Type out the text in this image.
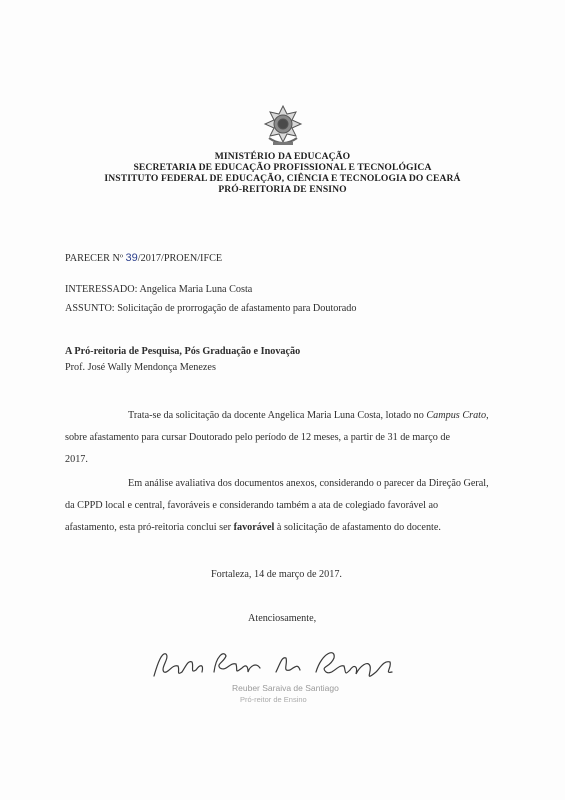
MINISTÉRIO DA EDUCAÇÃO
SECRETARIA DE EDUCAÇÃO PROFISSIONAL E TECNOLÓGICA
INSTITUTO FEDERAL DE EDUCAÇÃO, CIÊNCIA E TECNOLOGIA DO CEARÁ
PRÓ-REITORIA DE ENSINO
PARECER Nº 39/2017/PROEN/IFCE
INTERESSADO: Angelica Maria Luna Costa
ASSUNTO: Solicitação de prorrogação de afastamento para Doutorado
A Pró-reitoria de Pesquisa, Pós Graduação e Inovação
Prof. José Wally Mendonça Menezes
Trata-se da solicitação da docente Angelica Maria Luna Costa, lotado no Campus Crato,
sobre afastamento para cursar Doutorado pelo período de 12 meses, a partir de 31 de março de
2017.
Em análise avaliativa dos documentos anexos, considerando o parecer da Direção Geral,
da CPPD local e central, favoráveis e considerando também a ata de colegiado favorável ao
afastamento, esta pró-reitoria conclui ser favorável à solicitação de afastamento do docente.
Fortaleza, 14 de março de 2017.
Atenciosamente,
Reuber Saraiva de Santiago
Pró-reitor de Ensino
